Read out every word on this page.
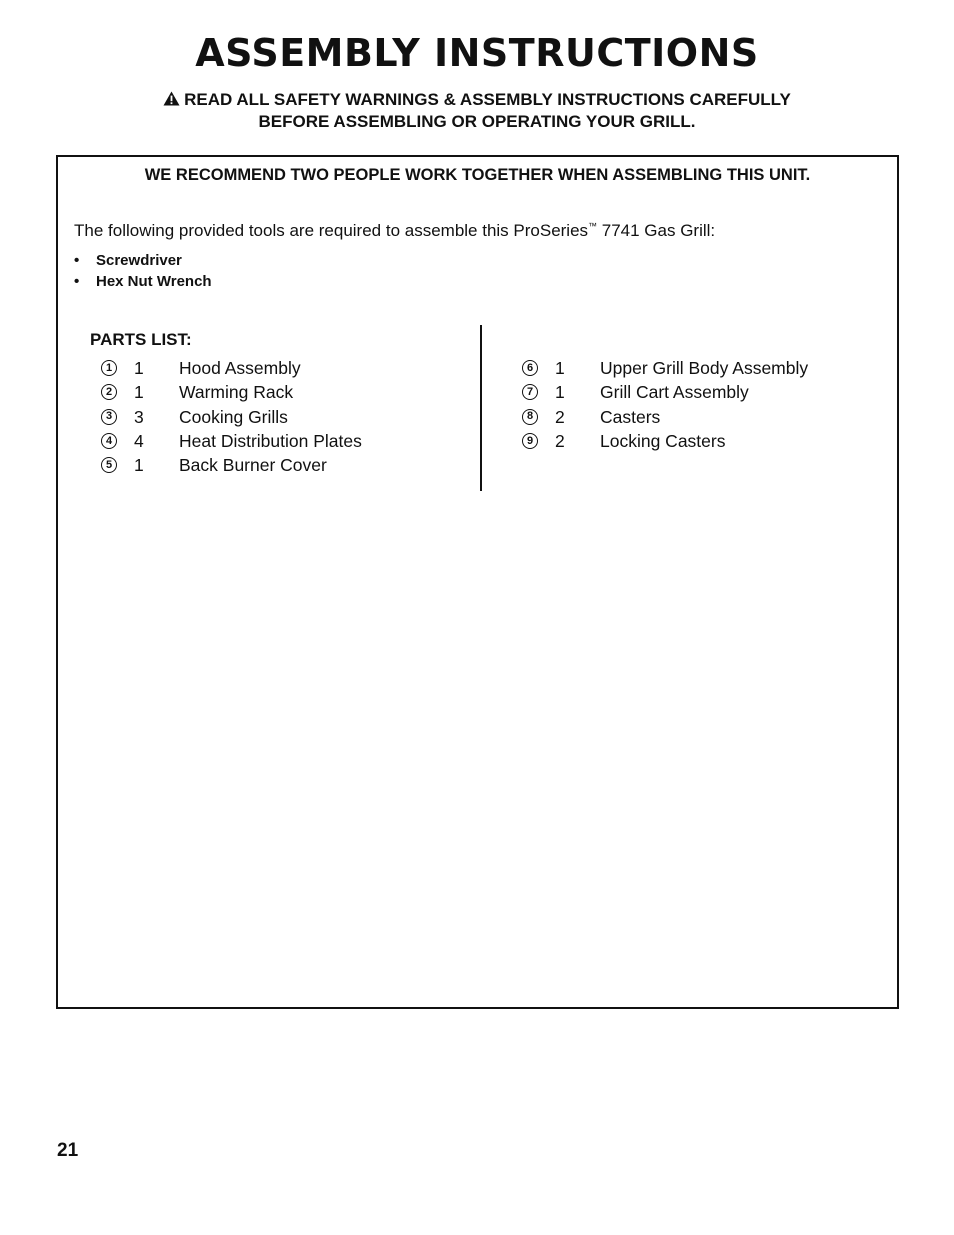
ASSEMBLY INSTRUCTIONS
READ ALL SAFETY WARNINGS & ASSEMBLY INSTRUCTIONS CAREFULLY
BEFORE ASSEMBLING OR OPERATING YOUR GRILL.
WE RECOMMEND TWO PEOPLE WORK TOGETHER WHEN ASSEMBLING THIS UNIT.
The following provided tools are required to assemble this ProSeries™ 7741 Gas Grill:
• Screwdriver
• Hex Nut Wrench
PARTS LIST:
1 1	Hood Assembly
2 1	Warming Rack
3 3	Cooking Grills
4 4	Heat Distribution Plates
5 1	Back Burner Cover
6 1	Upper Grill Body Assembly
7 1	Grill Cart Assembly
8 2	Casters
9 2	Locking Casters
21
